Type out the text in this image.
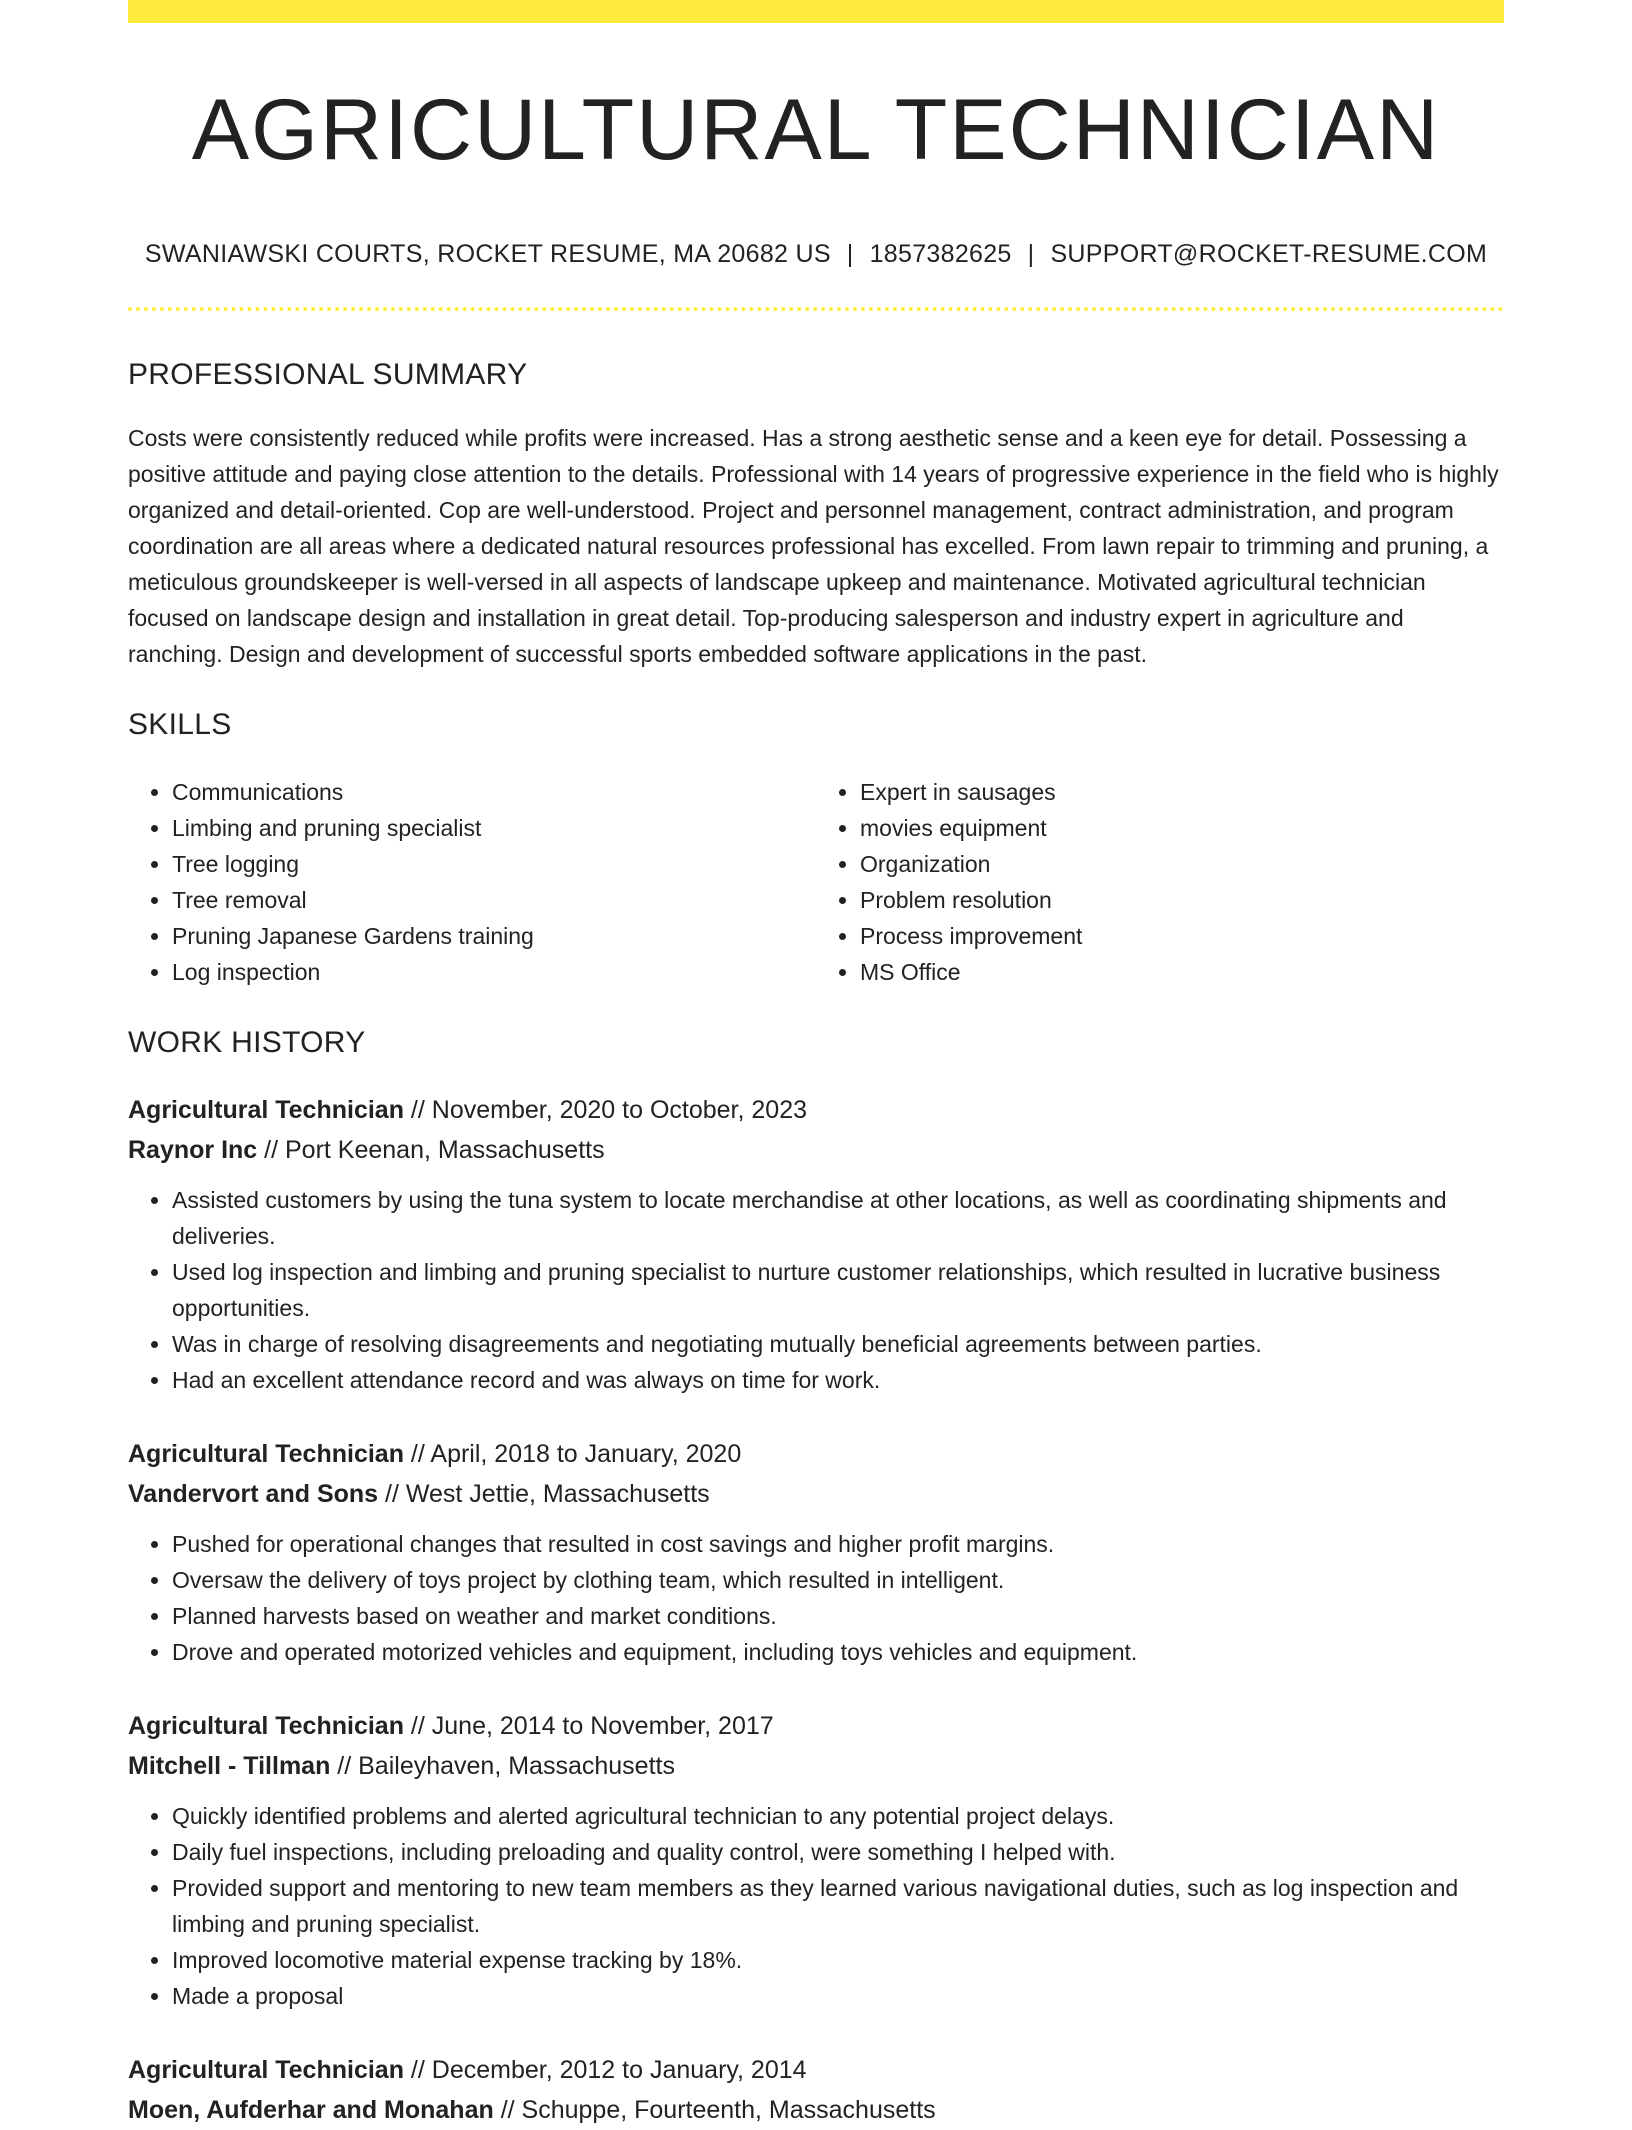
AGRICULTURAL TECHNICIAN
SWANIAWSKI COURTS, ROCKET RESUME, MA 20682 US | 1857382625 | SUPPORT@ROCKET-RESUME.COM
PROFESSIONAL SUMMARY

Costs were consistently reduced while profits were increased. Has a strong aesthetic sense and a keen eye for detail. Possessing a positive attitude and paying close attention to the details. Professional with 14 years of progressive experience in the field who is highly organized and detail-oriented. Cop are well-understood. Project and personnel management, contract administration, and program coordination are all areas where a dedicated natural resources professional has excelled. From lawn repair to trimming and pruning, a meticulous groundskeeper is well-versed in all aspects of landscape upkeep and maintenance. Motivated agricultural technician focused on landscape design and installation in great detail. Top-producing salesperson and industry expert in agriculture and ranching. Design and development of successful sports embedded software applications in the past.

SKILLS
• Communications
• Limbing and pruning specialist
• Tree logging
• Tree removal
• Pruning Japanese Gardens training
• Log inspection
• Expert in sausages
• movies equipment
• Organization
• Problem resolution
• Process improvement
• MS Office
WORK HISTORY
Agricultural Technician // November, 2020 to October, 2023
Raynor Inc // Port Keenan, Massachusetts
• Assisted customers by using the tuna system to locate merchandise at other locations, as well as coordinating shipments and deliveries.
• Used log inspection and limbing and pruning specialist to nurture customer relationships, which resulted in lucrative business opportunities.
• Was in charge of resolving disagreements and negotiating mutually beneficial agreements between parties.
• Had an excellent attendance record and was always on time for work.
Agricultural Technician // April, 2018 to January, 2020
Vandervort and Sons // West Jettie, Massachusetts
• Pushed for operational changes that resulted in cost savings and higher profit margins.
• Oversaw the delivery of toys project by clothing team, which resulted in intelligent.
• Planned harvests based on weather and market conditions.
• Drove and operated motorized vehicles and equipment, including toys vehicles and equipment.
Agricultural Technician // June, 2014 to November, 2017
Mitchell - Tillman // Baileyhaven, Massachusetts
• Quickly identified problems and alerted agricultural technician to any potential project delays.
• Daily fuel inspections, including preloading and quality control, were something I helped with.
• Provided support and mentoring to new team members as they learned various navigational duties, such as log inspection and limbing and pruning specialist.
• Improved locomotive material expense tracking by 18%.
• Made a proposal
Agricultural Technician // December, 2012 to January, 2014
Moen, Aufderhar and Monahan // Schuppe, Fourteenth, Massachusetts
